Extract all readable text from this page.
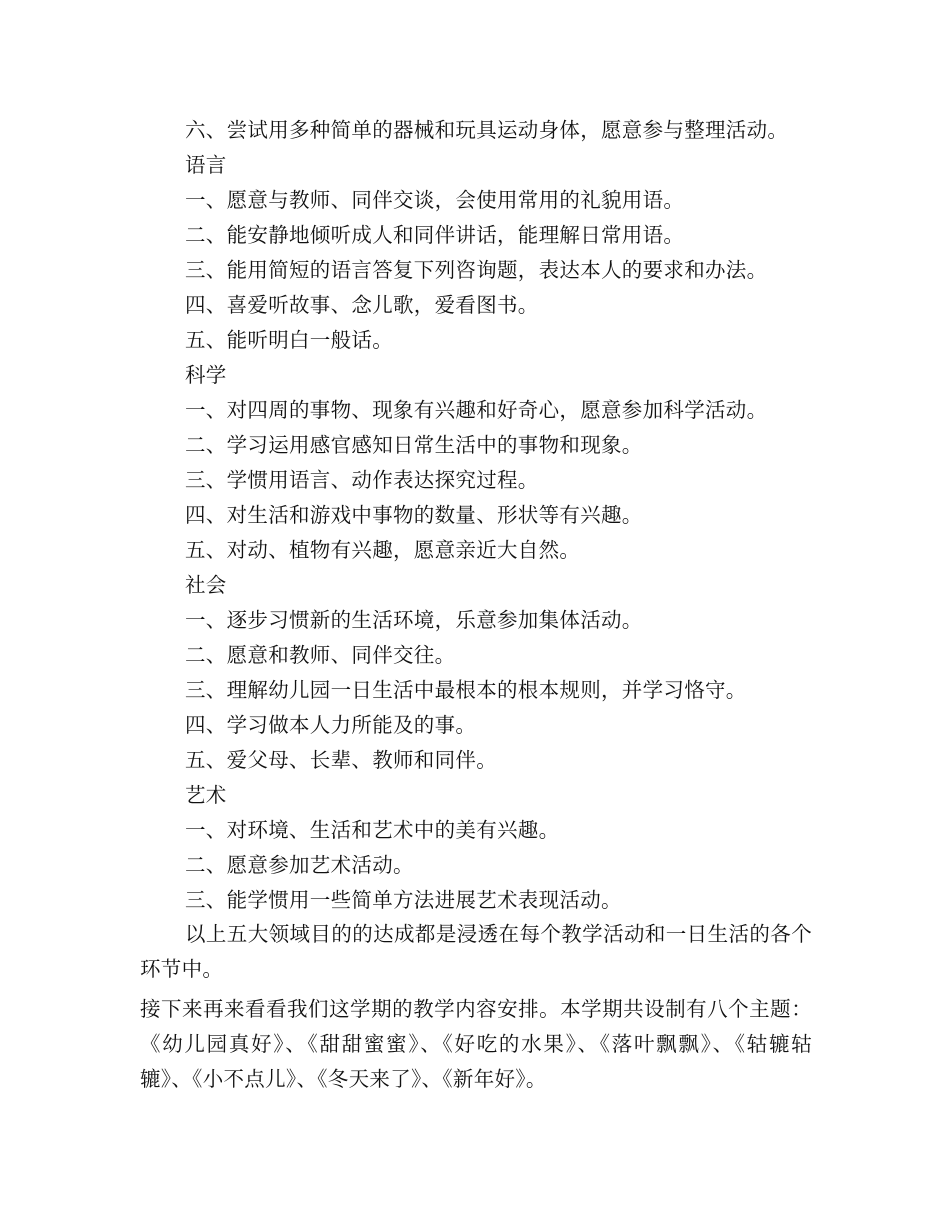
六、尝试用多种简单的器械和玩具运动身体，愿意参与整理活动。
语言
一、愿意与教师、同伴交谈，会使用常用的礼貌用语。
二、能安静地倾听成人和同伴讲话，能理解日常用语。
三、能用简短的语言答复下列咨询题，表达本人的要求和办法。
四、喜爱听故事、念儿歌，爱看图书。
五、能听明白一般话。
科学
一、对四周的事物、现象有兴趣和好奇心，愿意参加科学活动。
二、学习运用感官感知日常生活中的事物和现象。
三、学惯用语言、动作表达探究过程。
四、对生活和游戏中事物的数量、形状等有兴趣。
五、对动、植物有兴趣，愿意亲近大自然。
社会
一、逐步习惯新的生活环境，乐意参加集体活动。
二、愿意和教师、同伴交往。
三、理解幼儿园一日生活中最根本的根本规则，并学习恪守。
四、学习做本人力所能及的事。
五、爱父母、长辈、教师和同伴。
艺术
一、对环境、生活和艺术中的美有兴趣。
二、愿意参加艺术活动。
三、能学惯用一些简单方法进展艺术表现活动。
以上五大领域目的的达成都是浸透在每个教学活动和一日生活的各个环节中。
接下来再来看看我们这学期的教学内容安排。本学期共设制有八个主题：《幼儿园真好》、《甜甜蜜蜜》、《好吃的水果》、《落叶飘飘》、《轱辘轱辘》、《小不点儿》、《冬天来了》、《新年好》。
